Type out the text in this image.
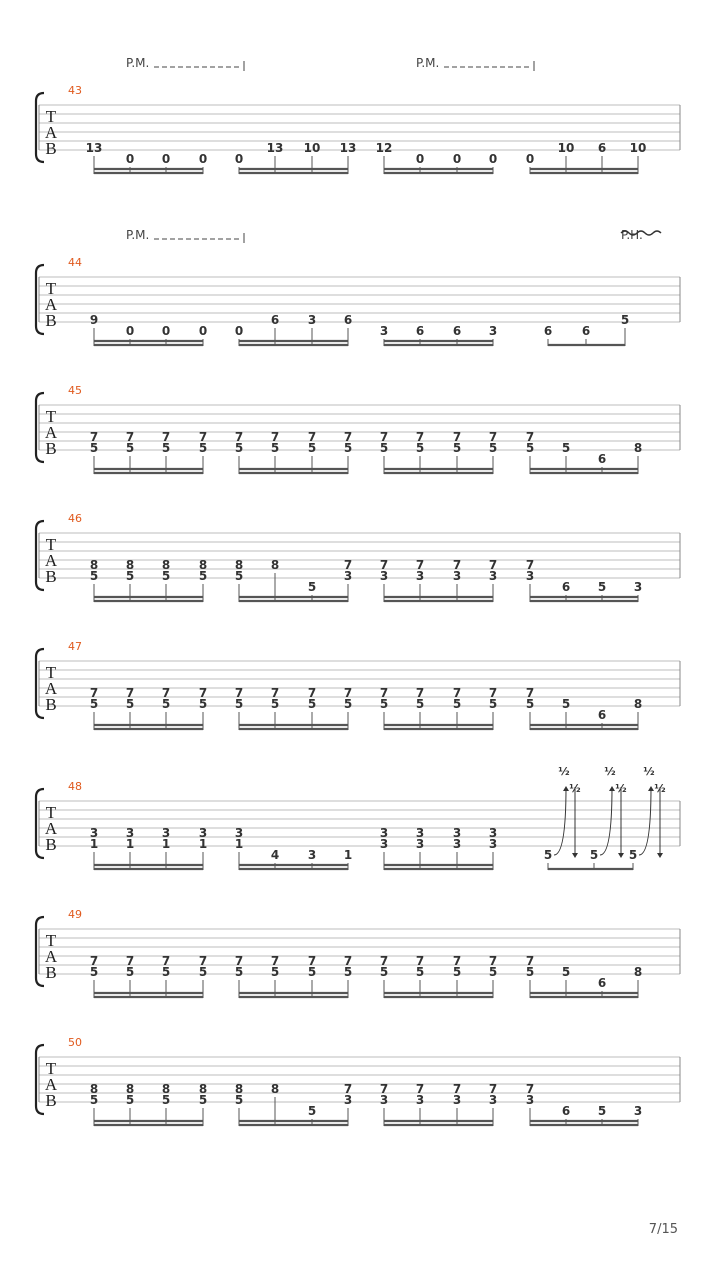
T
A
B
43
P.M.
13
0 0 0 0
13 10 13
P.M.
12
0 0 0 0
10 6 10
T
A
B
44
P.M.
9
0 0 0 0
6 3 6
3 6 6 3	6 6
5
P.H.
T
A
B
45
7
5
7
5
7
5
7
5
7
5
7
5
7
5
7
5
7
5
7
5
7
5
7
5
7
5 5
6
8
T
A
B
46
8
5
8
5
8
5
8
5
8
5
8
5
7
3
7
3
7
3
7
3
7
3
7
3
6 5 3
T
A
B
47
7
5
7
5
7
5
7
5
7
5
7
5
7
5
7
5
7
5
7
5
7
5
7
5
7
5 5
6
8
T
A
B
48
3
1
3
1
3
1
3
1
3
1
4 3 1
3
3
3
3
3
3
3
3
5	5	5
½
½
½
½
½
½
T
A
B
49
7
5
7
5
7
5
7
5
7
5
7
5
7
5
7
5
7
5
7
5
7
5
7
5
7
5 5
6
8
T
A
B
50
8
5
8
5
8
5
8
5
8
5
8
5
7
3
7
3
7
3
7
3
7
3
7
3
6 5 3
7/15
